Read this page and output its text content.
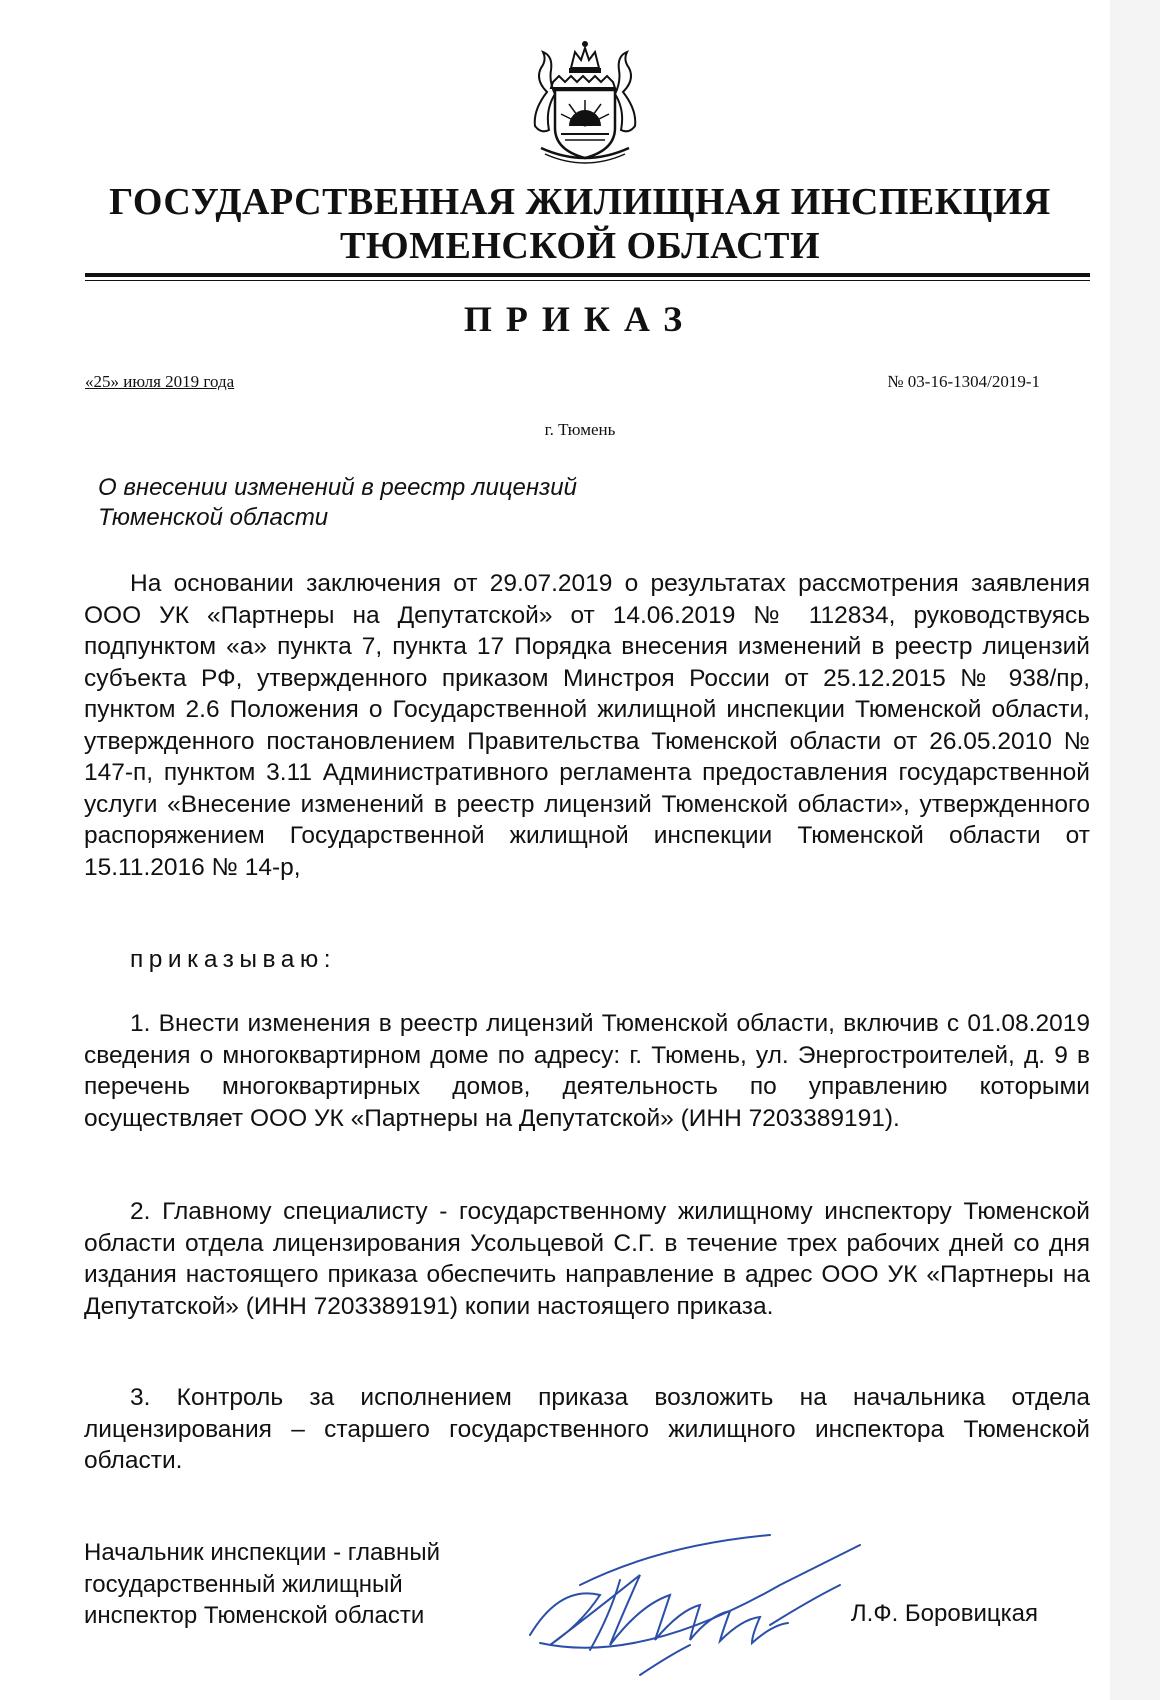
ГОСУДАРСТВЕННАЯ ЖИЛИЩНАЯ ИНСПЕКЦИЯ
ТЮМЕНСКОЙ ОБЛАСТИ
ПРИКАЗ
«25» июля 2019 года	№ 03-16-1304/2019-1
г. Тюмень
О внесении изменений в реестр лицензий
Тюменской области

На основании заключения от 29.07.2019 о результатах рассмотрения заявления ООО УК «Партнеры на Депутатской» от 14.06.2019 № 112834, руководствуясь подпунктом «а» пункта 7, пункта 17 Порядка внесения изменений в реестр лицензий субъекта РФ, утвержденного приказом Минстроя России от 25.12.2015 № 938/пр, пунктом 2.6 Положения о Государственной жилищной инспекции Тюменской области, утвержденного постановлением Правительства Тюменской области от 26.05.2010 № 147-п, пунктом 3.11 Административного регламента предоставления государственной услуги «Внесение изменений в реестр лицензий Тюменской области», утвержденного распоряжением Государственной жилищной инспекции Тюменской области от 15.11.2016 № 14-р,

приказываю:

1. Внести изменения в реестр лицензий Тюменской области, включив с 01.08.2019 сведения о многоквартирном доме по адресу: г. Тюмень, ул. Энергостроителей, д. 9 в перечень многоквартирных домов, деятельность по управлению которыми осуществляет ООО УК «Партнеры на Депутатской» (ИНН 7203389191).

2. Главному специалисту - государственному жилищному инспектору Тюменской области отдела лицензирования Усольцевой С.Г. в течение трех рабочих дней со дня издания настоящего приказа обеспечить направление в адрес ООО УК «Партнеры на Депутатской» (ИНН 7203389191) копии настоящего приказа.

3. Контроль за исполнением приказа возложить на начальника отдела лицензирования – старшего государственного жилищного инспектора Тюменской области.

Начальник инспекции - главный
государственный жилищный
инспектор Тюменской области	Л.Ф. Боровицкая
